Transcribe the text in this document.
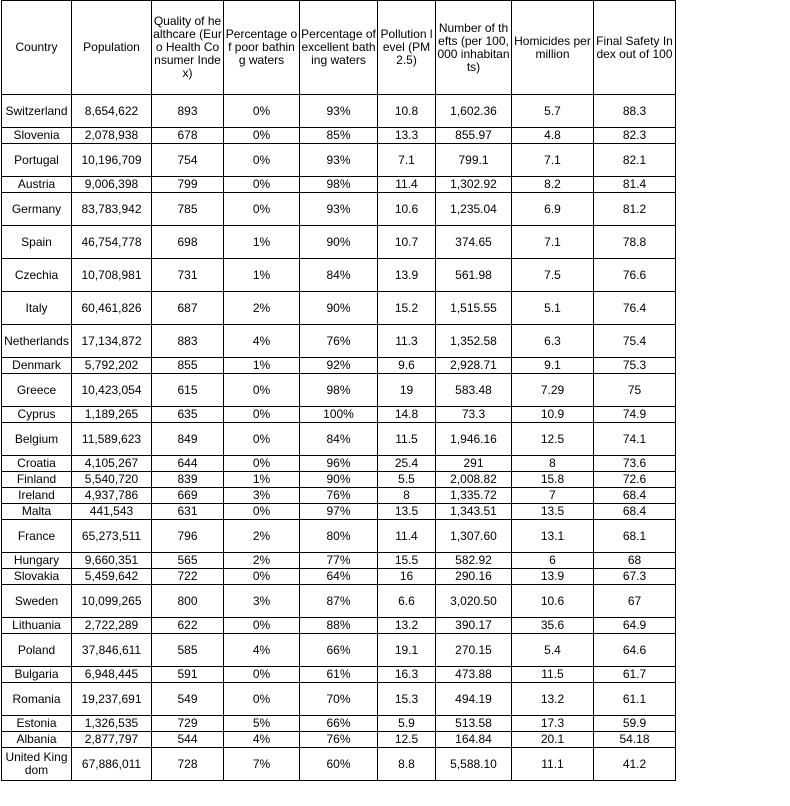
Country	Population	Quality of healthcare (Euro Health Consumer Index)	Percentage of poor bathing waters	Percentage of excellent bathing waters	Pollution level (PM2.5)	Number of thefts (per 100,000 inhabitants)	Homicides per million	Final Safety Index out of 100
Switzerland	8,654,622	893	0%	93%	10.8	1,602.36	5.7	88.3
Slovenia	2,078,938	678	0%	85%	13.3	855.97	4.8	82.3
Portugal	10,196,709	754	0%	93%	7.1	799.1	7.1	82.1
Austria	9,006,398	799	0%	98%	11.4	1,302.92	8.2	81.4
Germany	83,783,942	785	0%	93%	10.6	1,235.04	6.9	81.2
Spain	46,754,778	698	1%	90%	10.7	374.65	7.1	78.8
Czechia	10,708,981	731	1%	84%	13.9	561.98	7.5	76.6
Italy	60,461,826	687	2%	90%	15.2	1,515.55	5.1	76.4
Netherlands	17,134,872	883	4%	76%	11.3	1,352.58	6.3	75.4
Denmark	5,792,202	855	1%	92%	9.6	2,928.71	9.1	75.3
Greece	10,423,054	615	0%	98%	19	583.48	7.29	75
Cyprus	1,189,265	635	0%	100%	14.8	73.3	10.9	74.9
Belgium	11,589,623	849	0%	84%	11.5	1,946.16	12.5	74.1
Croatia	4,105,267	644	0%	96%	25.4	291	8	73.6
Finland	5,540,720	839	1%	90%	5.5	2,008.82	15.8	72.6
Ireland	4,937,786	669	3%	76%	8	1,335.72	7	68.4
Malta	441,543	631	0%	97%	13.5	1,343.51	13.5	68.4
France	65,273,511	796	2%	80%	11.4	1,307.60	13.1	68.1
Hungary	9,660,351	565	2%	77%	15.5	582.92	6	68
Slovakia	5,459,642	722	0%	64%	16	290.16	13.9	67.3
Sweden	10,099,265	800	3%	87%	6.6	3,020.50	10.6	67
Lithuania	2,722,289	622	0%	88%	13.2	390.17	35.6	64.9
Poland	37,846,611	585	4%	66%	19.1	270.15	5.4	64.6
Bulgaria	6,948,445	591	0%	61%	16.3	473.88	11.5	61.7
Romania	19,237,691	549	0%	70%	15.3	494.19	13.2	61.1
Estonia	1,326,535	729	5%	66%	5.9	513.58	17.3	59.9
Albania	2,877,797	544	4%	76%	12.5	164.84	20.1	54.18
United Kingdom	67,886,011	728	7%	60%	8.8	5,588.10	11.1	41.2
